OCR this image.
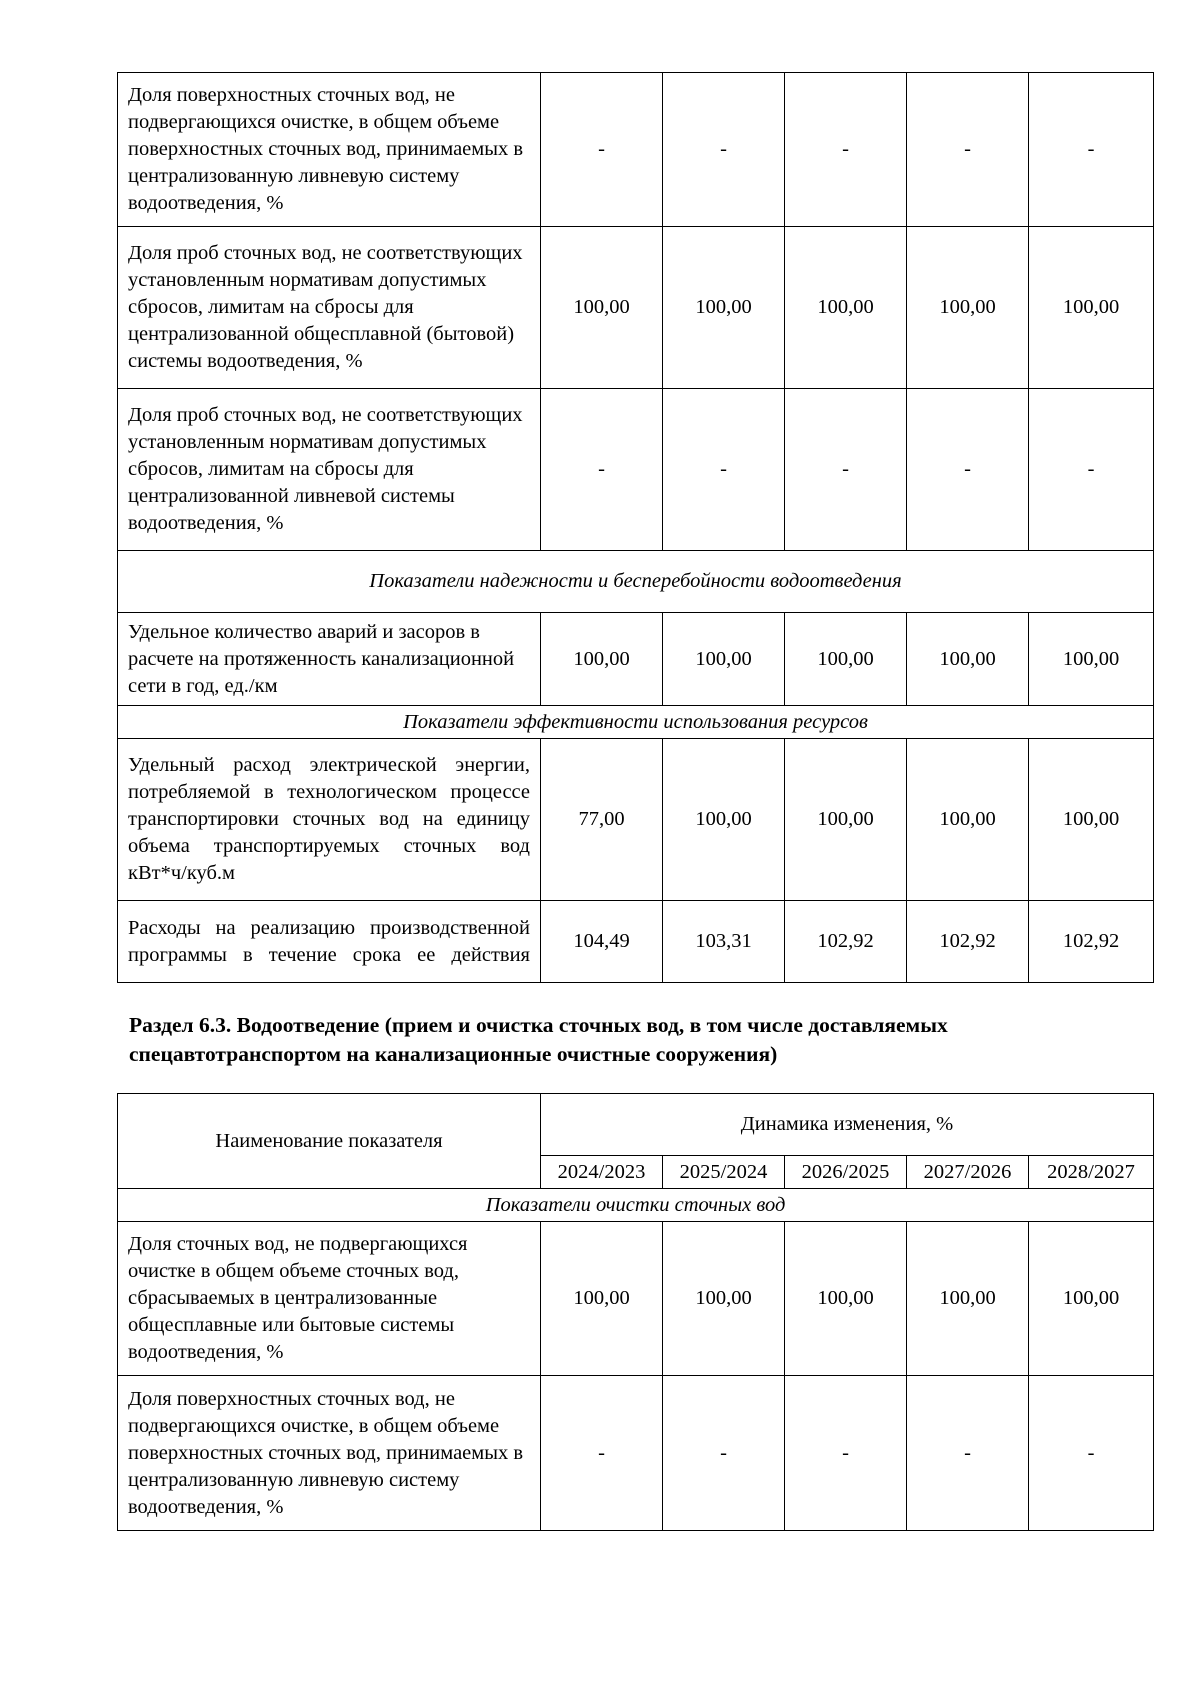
Доля поверхностных сточных вод, не подвергающихся очистке, в общем объеме поверхностных сточных вод, принимаемых в централизованную ливневую систему водоотведения, %	-	-	-	-	-
Доля проб сточных вод, не соответствующих установленным нормативам допустимых сбросов, лимитам на сбросы для централизованной общесплавной (бытовой) системы водоотведения, %	100,00	100,00	100,00	100,00	100,00
Доля проб сточных вод, не соответствующих установленным нормативам допустимых сбросов, лимитам на сбросы для централизованной ливневой системы водоотведения, %	-	-	-	-	-
Показатели надежности и бесперебойности водоотведения					
Удельное количество аварий и засоров в расчете на протяженность канализационной сети в год, ед./км	100,00	100,00	100,00	100,00	100,00
Показатели эффективности использования ресурсов					
Удельный расход электрической энергии, потребляемой в технологическом процессе транспортировки сточных вод на единицу объема транспортируемых сточных вод кВт*ч/куб.м	77,00	100,00	100,00	100,00	100,00
Расходы на реализацию производственной программы в течение срока ее действия	104,49	103,31	102,92	102,92	102,92
Раздел 6.3. Водоотведение (прием и очистка сточных вод, в том числе доставляемых спецавтотранспортом на канализационные очистные сооружения)
Наименование показателя	Динамика изменения, %				
	2024/2023	2025/2024	2026/2025	2027/2026	2028/2027
Показатели очистки сточных вод					
Доля сточных вод, не подвергающихся очистке в общем объеме сточных вод, сбрасываемых в централизованные общесплавные или бытовые системы водоотведения, %	100,00	100,00	100,00	100,00	100,00
Доля поверхностных сточных вод, не подвергающихся очистке, в общем объеме поверхностных сточных вод, принимаемых в централизованную ливневую систему водоотведения, %	-	-	-	-	-
